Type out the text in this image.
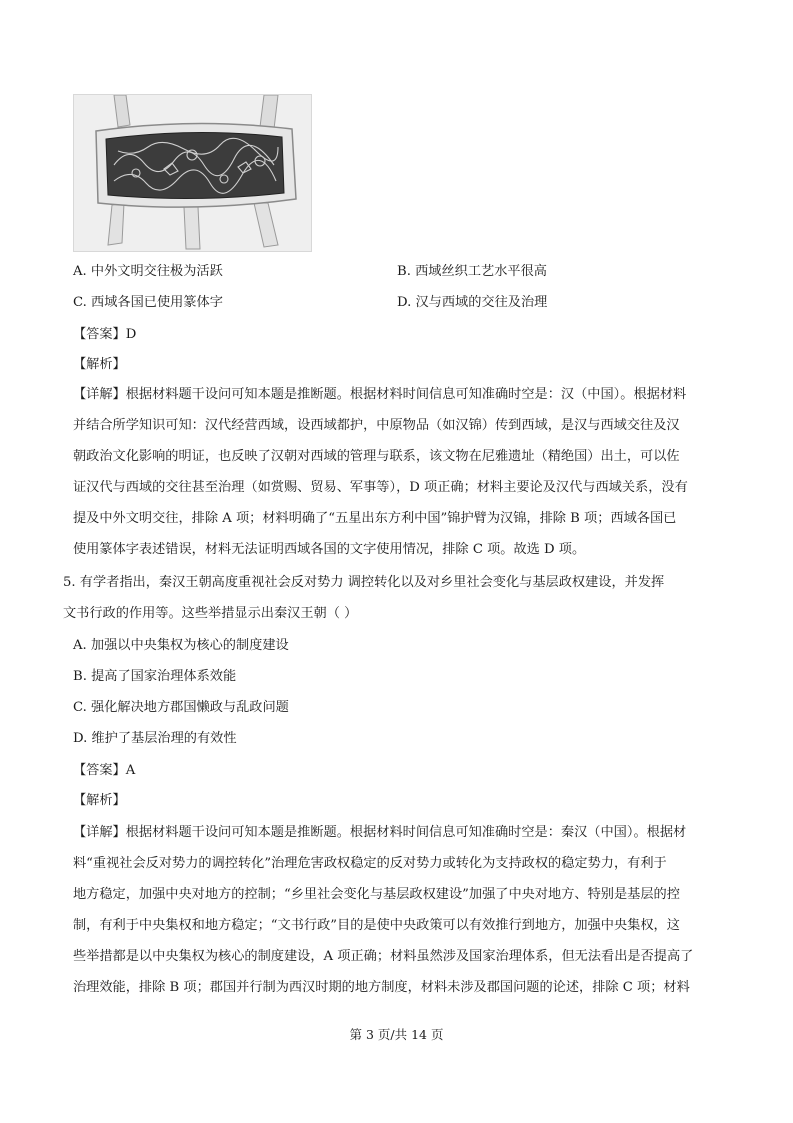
A. 中外文明交往极为活跃	B. 西域丝织工艺水平很高
C. 西域各国已使用篆体字	D. 汉与西域的交往及治理
【答案】D
【解析】
【详解】根据材料题干设问可知本题是推断题。根据材料时间信息可知准确时空是：汉（中国）。根据材料
并结合所学知识可知：汉代经营西域，设西域都护，中原物品（如汉锦）传到西域，是汉与西域交往及汉
朝政治文化影响的明证，也反映了汉朝对西域的管理与联系，该文物在尼雅遗址（精绝国）出土，可以佐
证汉代与西域的交往甚至治理（如赏赐、贸易、军事等），D 项正确；材料主要论及汉代与西域关系，没有
提及中外文明交往，排除 A 项；材料明确了“五星出东方利中国”锦护臂为汉锦，排除 B 项；西域各国已
使用篆体字表述错误，材料无法证明西域各国的文字使用情况，排除 C 项。故选 D 项。
5. 有学者指出，秦汉王朝高度重视社会反对势力 调控转化以及对乡里社会变化与基层政权建设，并发挥
文书行政的作用等。这些举措显示出秦汉王朝（ ）
A. 加强以中央集权为核心的制度建设
B. 提高了国家治理体系效能
C. 强化解决地方郡国懒政与乱政问题
D. 维护了基层治理的有效性
【答案】A
【解析】
【详解】根据材料题干设问可知本题是推断题。根据材料时间信息可知准确时空是：秦汉（中国）。根据材
料“重视社会反对势力的调控转化”治理危害政权稳定的反对势力或转化为支持政权的稳定势力，有利于
地方稳定，加强中央对地方的控制；“乡里社会变化与基层政权建设”加强了中央对地方、特别是基层的控
制，有利于中央集权和地方稳定；“文书行政”目的是使中央政策可以有效推行到地方，加强中央集权，这
些举措都是以中央集权为核心的制度建设，A 项正确；材料虽然涉及国家治理体系，但无法看出是否提高了
治理效能，排除 B 项；郡国并行制为西汉时期的地方制度，材料未涉及郡国问题的论述，排除 C 项；材料
第 3 页/共 14 页
